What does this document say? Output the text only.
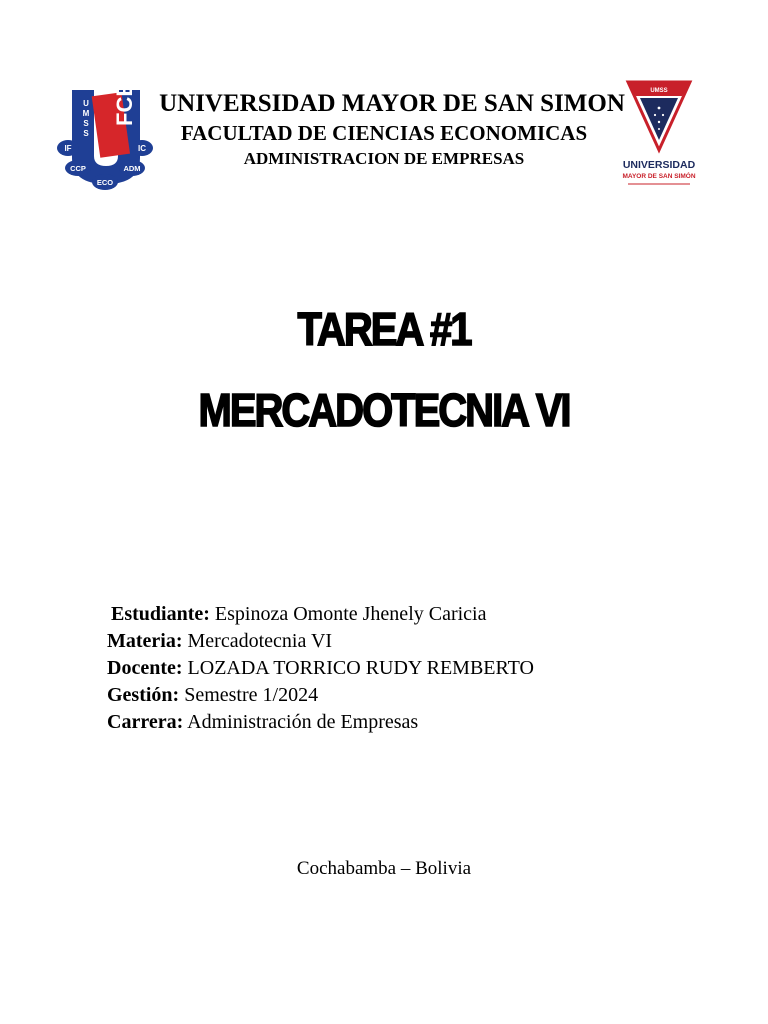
FCE
U
M
S
S
IF	IC
CCP	ADM
ECO
UNIVERSIDAD MAYOR DE SAN SIMON
FACULTAD DE CIENCIAS ECONOMICAS
ADMINISTRACION DE EMPRESAS
UMSS
UNIVERSIDAD
MAYOR DE SAN SIMÓN
TAREA #1
MERCADOTECNIA VI
Estudiante: Espinoza Omonte Jhenely Caricia
Materia: Mercadotecnia VI
Docente: LOZADA TORRICO RUDY REMBERTO
Gestión: Semestre 1/2024
Carrera: Administración de Empresas
Cochabamba – Bolivia
